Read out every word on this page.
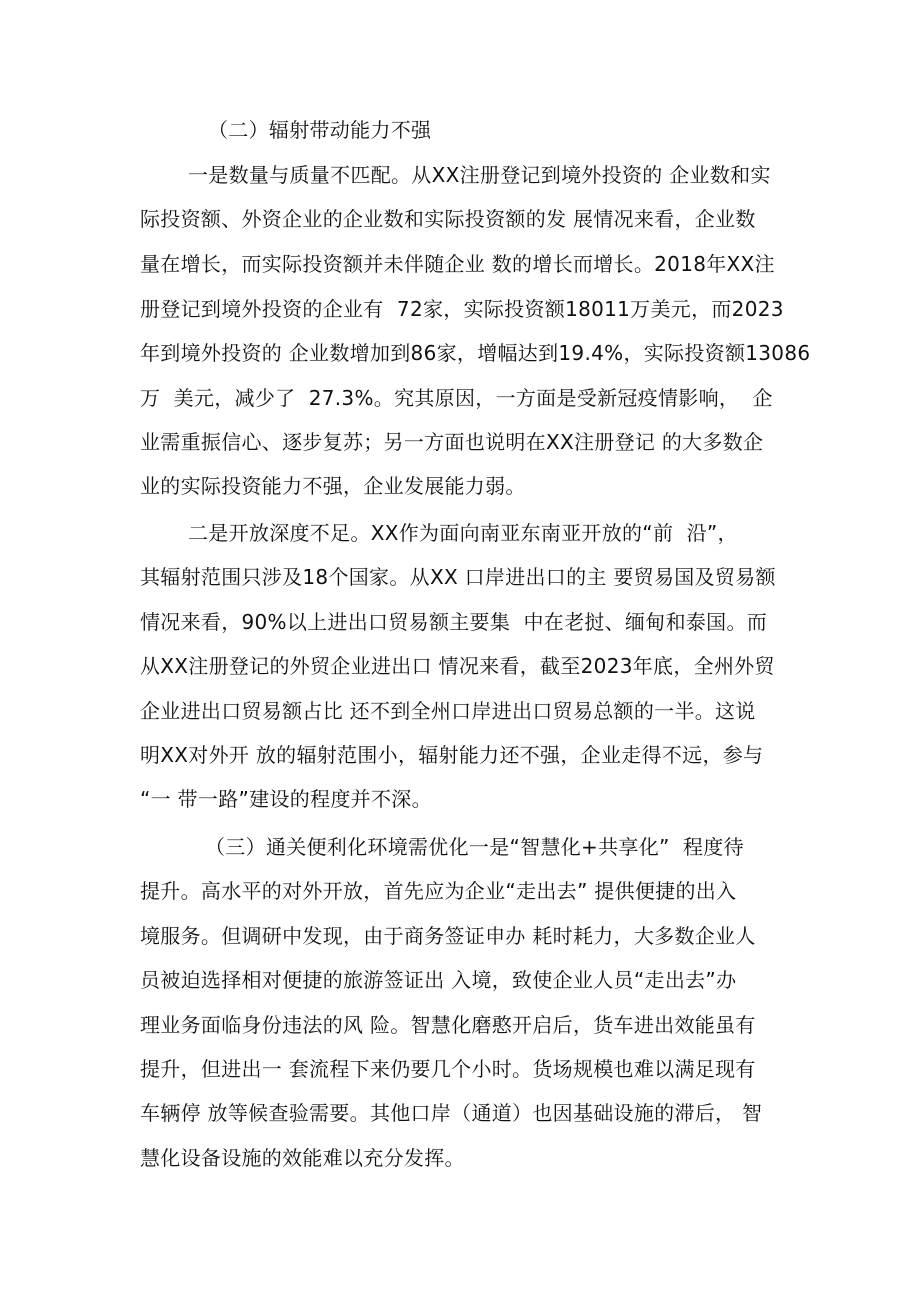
（二）辐射带动能力不强

一是数量与质量不匹配。从XX注册登记到境外投资的 企业数和实

际投资额、外资企业的企业数和实际投资额的发 展情况来看，企业数

量在增长，而实际投资额并未伴随企业 数的增长而增长。2018年XX注

册登记到境外投资的企业有  72家，实际投资额18011万美元，而2023

年到境外投资的 企业数增加到86家，增幅达到19.4%，实际投资额13086

万  美元，减少了  27.3%。究其原因，一方面是受新冠疫情影响，  企

业需重振信心、逐步复苏；另一方面也说明在XX注册登记 的大多数企

业的实际投资能力不强，企业发展能力弱。

二是开放深度不足。XX作为面向南亚东南亚开放的“前  沿”，

其辐射范围只涉及18个国家。从XX 口岸进出口的主 要贸易国及贸易额

情况来看，90%以上进出口贸易额主要集  中在老挝、缅甸和泰国。而

从XX注册登记的外贸企业进出口 情况来看，截至2023年底，全州外贸

企业进出口贸易额占比 还不到全州口岸进出口贸易总额的一半。这说

明XX对外开 放的辐射范围小，辐射能力还不强，企业走得不远，参与

“一 带一路”建设的程度并不深。

（三）通关便利化环境需优化一是“智慧化+共享化”  程度待

提升。高水平的对外开放，首先应为企业“走出去” 提供便捷的出入

境服务。但调研中发现，由于商务签证申办 耗时耗力，大多数企业人

员被迫选择相对便捷的旅游签证出 入境，致使企业人员“走出去”办

理业务面临身份违法的风 险。智慧化磨憨开启后，货车进出效能虽有

提升，但进出一 套流程下来仍要几个小时。货场规模也难以满足现有

车辆停 放等候查验需要。其他口岸（通道）也因基础设施的滞后， 智

慧化设备设施的效能难以充分发挥。
